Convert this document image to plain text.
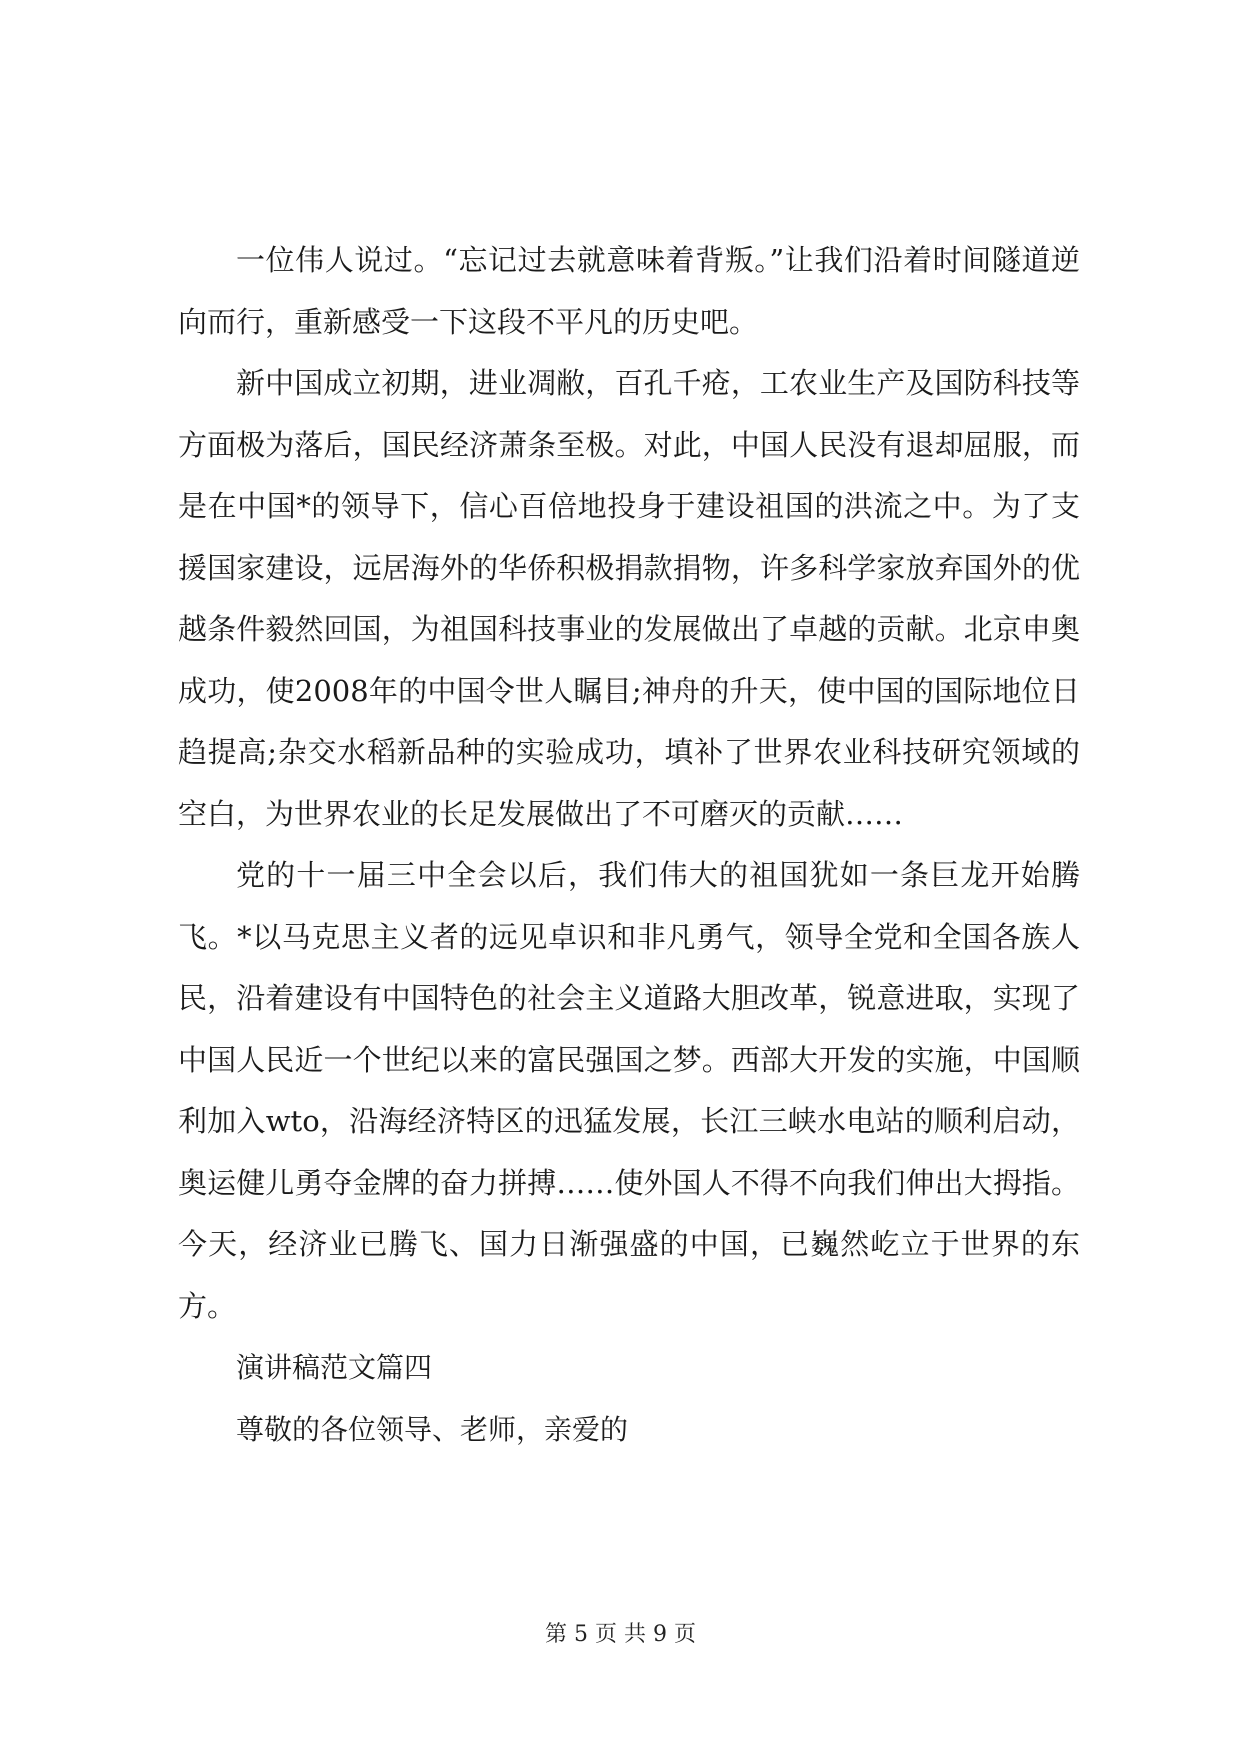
一位伟人说过。“忘记过去就意味着背叛。”让我们沿着时间隧道逆向而行，重新感受一下这段不平凡的历史吧。

新中国成立初期，进业凋敝，百孔千疮，工农业生产及国防科技等方面极为落后，国民经济萧条至极。对此，中国人民没有退却屈服，而是在中国*的领导下，信心百倍地投身于建设祖国的洪流之中。为了支援国家建设，远居海外的华侨积极捐款捐物，许多科学家放弃国外的优越条件毅然回国，为祖国科技事业的发展做出了卓越的贡献。北京申奥成功，使2008年的中国令世人瞩目;神舟的升天，使中国的国际地位日趋提高;杂交水稻新品种的实验成功，填补了世界农业科技研究领域的空白，为世界农业的长足发展做出了不可磨灭的贡献……

党的十一届三中全会以后，我们伟大的祖国犹如一条巨龙开始腾飞。*以马克思主义者的远见卓识和非凡勇气，领导全党和全国各族人民，沿着建设有中国特色的社会主义道路大胆改革，锐意进取，实现了中国人民近一个世纪以来的富民强国之梦。西部大开发的实施，中国顺利加入wto，沿海经济特区的迅猛发展，长江三峡水电站的顺利启动，奥运健儿勇夺金牌的奋力拼搏……使外国人不得不向我们伸出大拇指。今天，经济业已腾飞、国力日渐强盛的中国，已巍然屹立于世界的东方。

演讲稿范文篇四

尊敬的各位领导、老师，亲爱的

第 5 页 共 9 页
